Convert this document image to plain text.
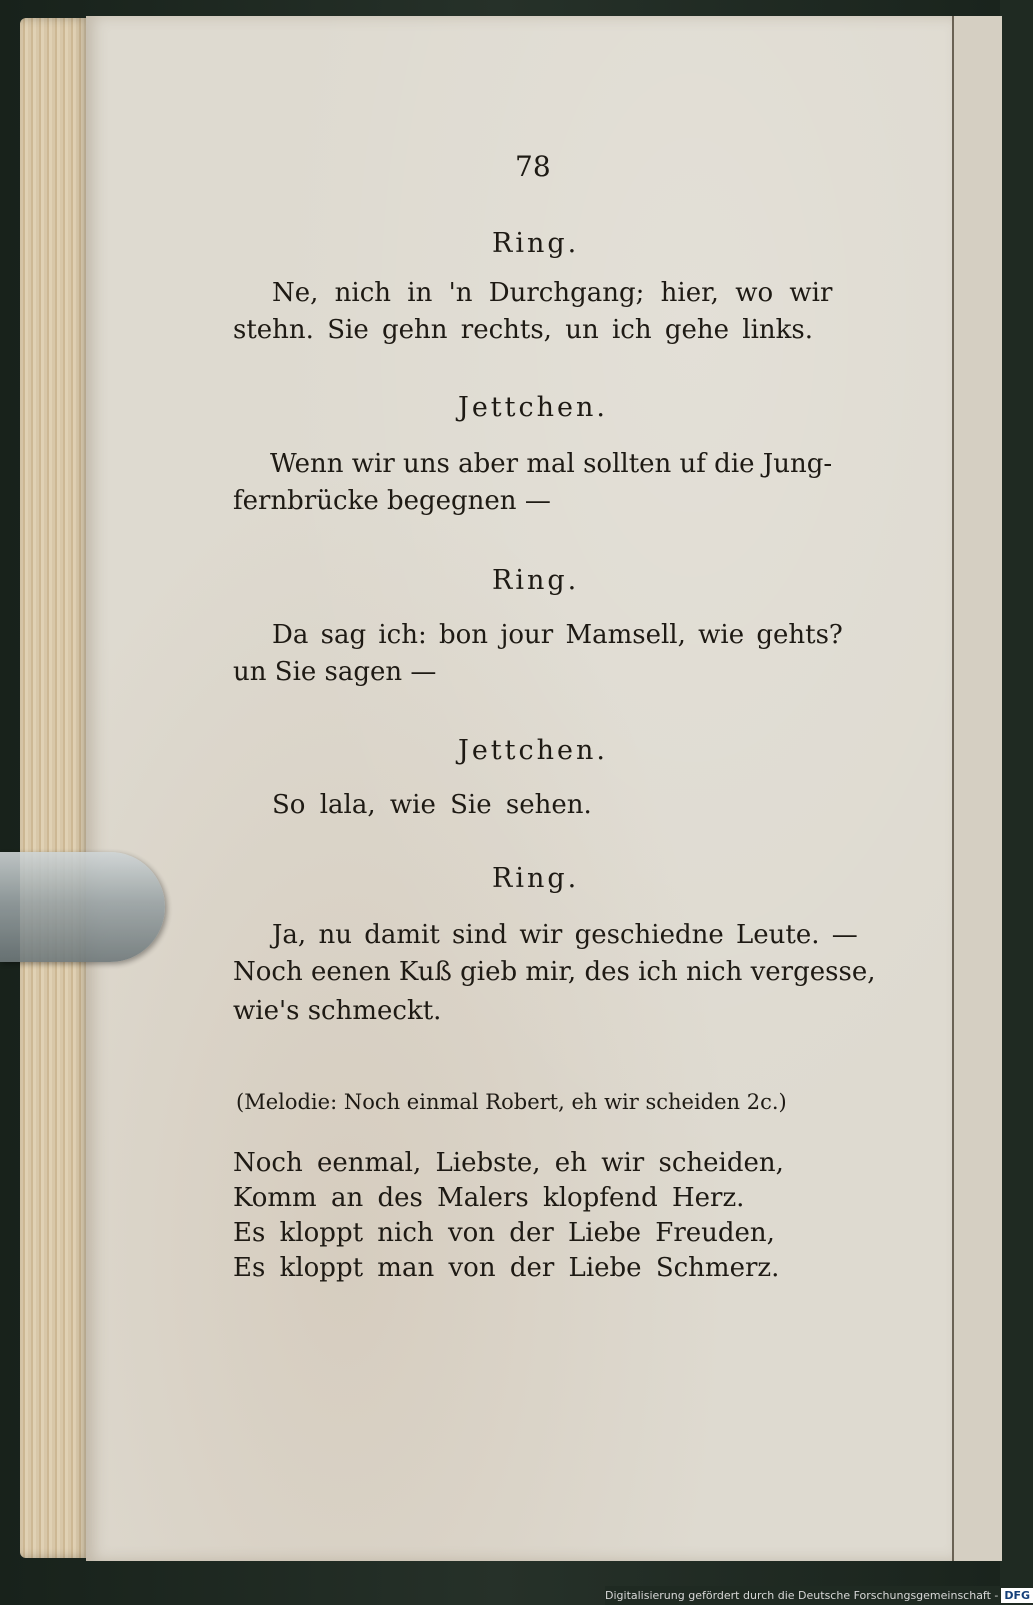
78
Ring.
Ne, nich in 'n Durchgang; hier, wo wir
stehn. Sie gehn rechts, un ich gehe links.
Jettchen.
Wenn wir uns aber mal sollten uf die Jung-
fernbrücke begegnen —
Ring.
Da sag ich: bon jour Mamsell, wie gehts?
un Sie sagen —
Jettchen.
So lala, wie Sie sehen.
Ring.
Ja, nu damit sind wir geschiedne Leute. —
Noch eenen Kuß gieb mir, des ich nich vergesse,
wie's schmeckt.
(Melodie: Noch einmal Robert, eh wir scheiden 2c.)
Noch eenmal, Liebste, eh wir scheiden,
Komm an des Malers klopfend Herz.
Es kloppt nich von der Liebe Freuden,
Es kloppt man von der Liebe Schmerz.
Digitalisierung gefördert durch die Deutsche Forschungsgemeinschaft - DFG
